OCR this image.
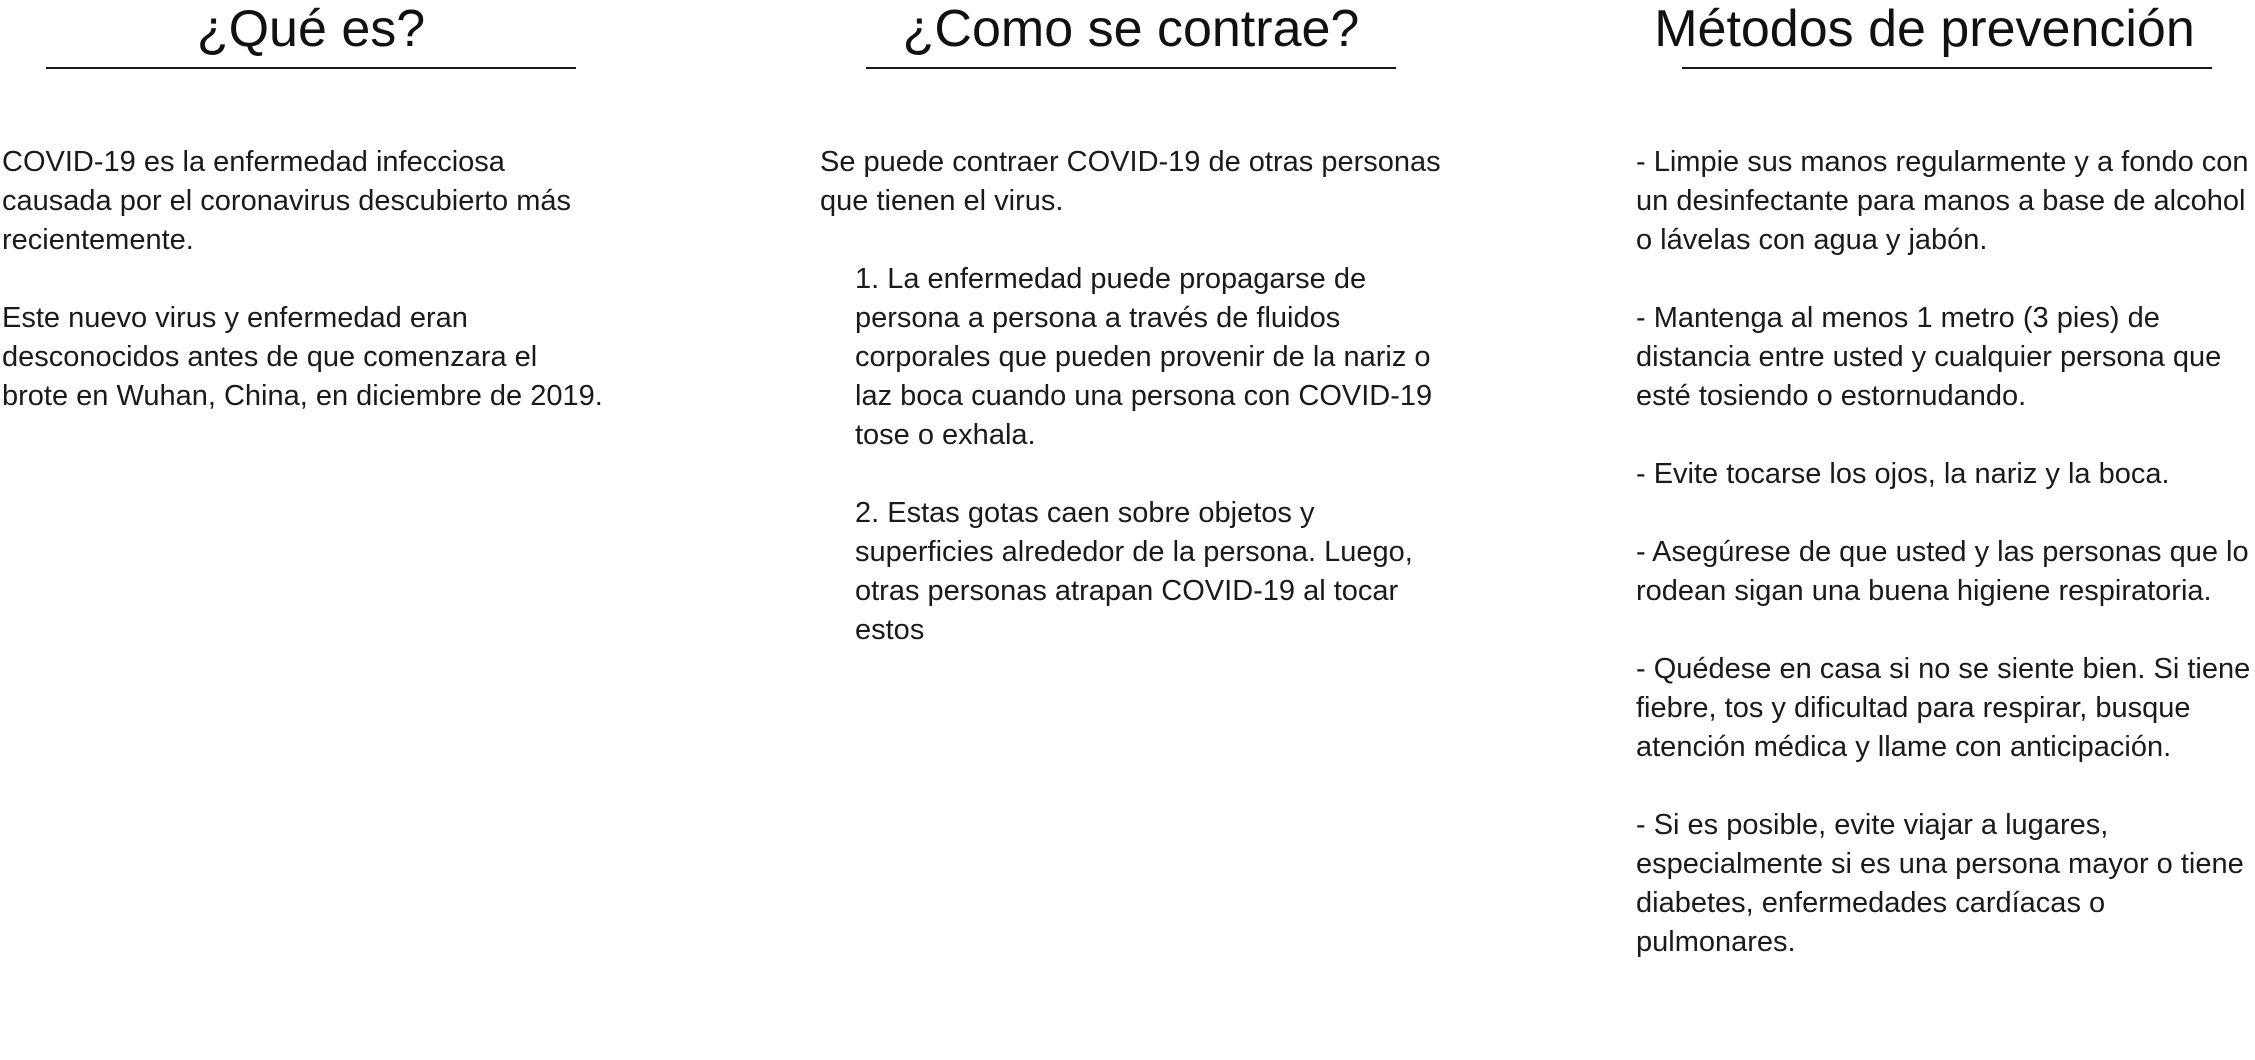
¿Qué es?

COVID-19 es la enfermedad infecciosa causada por el coronavirus descubierto más recientemente.

Este nuevo virus y enfermedad eran desconocidos antes de que comenzara el brote en Wuhan, China, en diciembre de 2019.

¿Como se contrae?

Se puede contraer COVID-19 de otras personas que tienen el virus.

1. La enfermedad puede propagarse de persona a persona a través de fluidos corporales que pueden provenir de la nariz o laz boca cuando una persona con COVID-19 tose o exhala.

2. Estas gotas caen sobre objetos y superficies alrededor de la persona. Luego, otras personas atrapan COVID-19 al tocar estos

Métodos de prevención

- Limpie sus manos regularmente y a fondo con un desinfectante para manos a base de alcohol o lávelas con agua y jabón.

- Mantenga al menos 1 metro (3 pies) de distancia entre usted y cualquier persona que esté tosiendo o estornudando.

- Evite tocarse los ojos, la nariz y la boca.

- Asegúrese de que usted y las personas que lo rodean sigan una buena higiene respiratoria.

- Quédese en casa si no se siente bien. Si tiene fiebre, tos y dificultad para respirar, busque atención médica y llame con anticipación.

- Si es posible, evite viajar a lugares, especialmente si es una persona mayor o tiene diabetes, enfermedades cardíacas o pulmonares.
